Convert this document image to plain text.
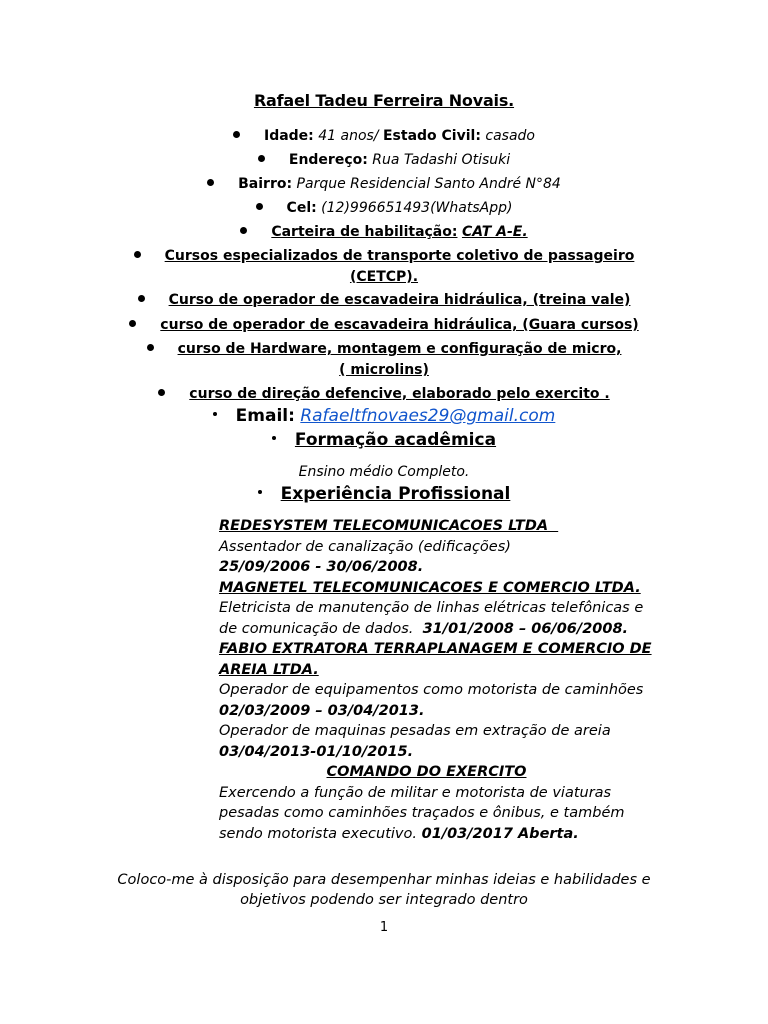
Rafael Tadeu Ferreira Novais.
Idade: 41 anos/ Estado Civil: casado
Endereço: Rua Tadashi Otisuki
Bairro: Parque Residencial Santo André N°84
Cel: (12)996651493(WhatsApp)
Carteira de habilitação: CAT A-E.
Cursos especializados de transporte coletivo de passageiro
(CETCP).
Curso de operador de escavadeira hidráulica, (treina vale)
curso de operador de escavadeira hidráulica, (Guara cursos)
curso de Hardware, montagem e configuração de micro,
( microlins)
curso de direção defencive, elaborado pelo exercito .
Email: Rafaeltfnovaes29@gmail.com
Formação acadêmica
Ensino médio Completo.
Experiência Profissional
REDESYSTEM TELECOMUNICACOES LTDA
Assentador de canalização (edificações)
25/09/2006 - 30/06/2008.
MAGNETEL TELECOMUNICACOES E COMERCIO LTDA.
Eletricista de manutenção de linhas elétricas telefônicas e
de comunicação de dados. 31/01/2008 – 06/06/2008.
FABIO EXTRATORA TERRAPLANAGEM E COMERCIO DE
AREIA LTDA.
Operador de equipamentos como motorista de caminhões
02/03/2009 – 03/04/2013.
Operador de maquinas pesadas em extração de areia
03/04/2013-01/10/2015.
COMANDO DO EXERCITO
Exercendo a função de militar e motorista de viaturas
pesadas como caminhões traçados e ônibus, e também
sendo motorista executivo. 01/03/2017 Aberta.
Coloco-me à disposição para desempenhar minhas ideias e habilidades e
objetivos podendo ser integrado dentro
1
